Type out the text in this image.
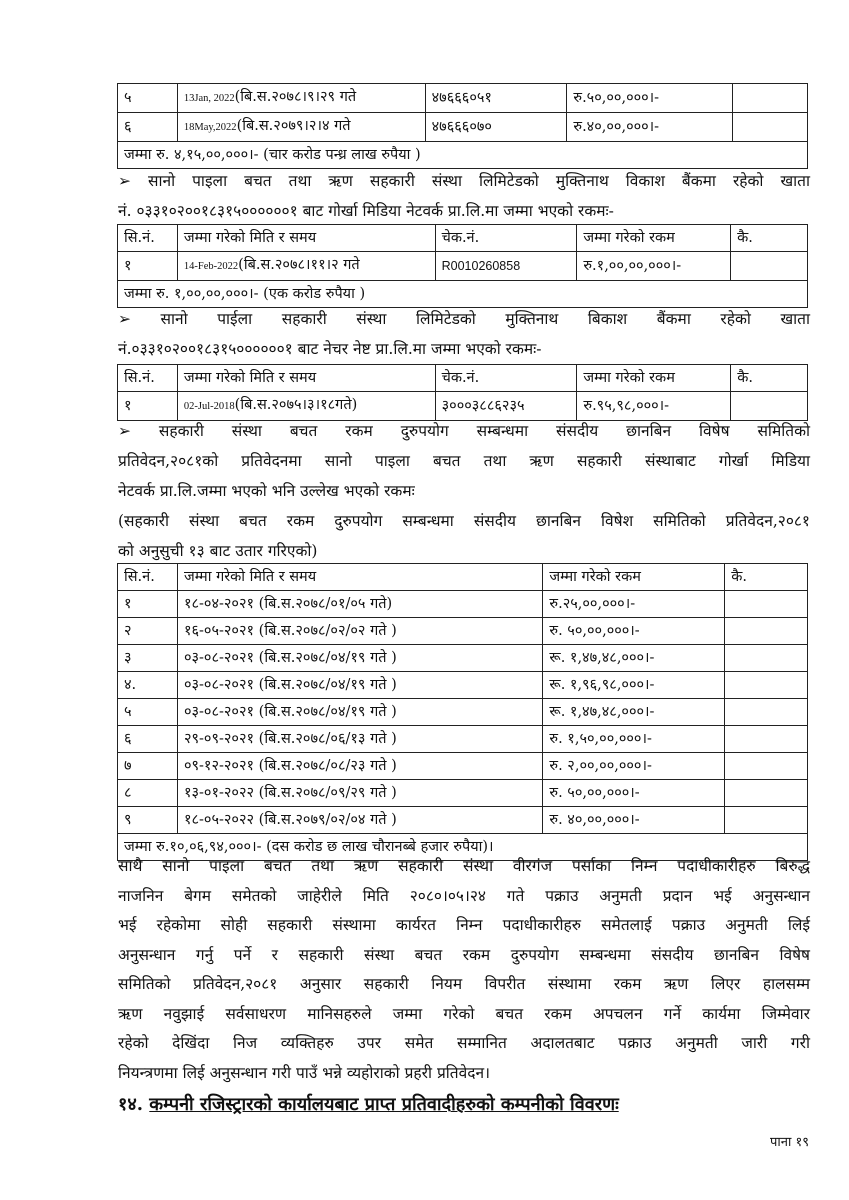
५	13Jan, 2022(बि.स.२०७८।९।२९ गते	४७६६६०५१	रु.५०,००,०००।-	
६	18May,2022(बि.स.२०७९।२।४ गते	४७६६६०७०	रु.४०,००,०००।-	
जम्मा रु. ४,१५,००,०००।- (चार करोड पन्ध्र लाख रुपैया )				
➢ सानो पाइला बचत तथा ऋण सहकारी संस्था लिमिटेडको मुक्तिनाथ विकाश बैंकमा रहेको खाता
नं. ०३३१०२००१८३१५००००००१ बाट गोर्खा मिडिया नेटवर्क प्रा.लि.मा जम्मा भएको रकमः-
सि.नं.	जम्मा गरेको मिति र समय	चेक.नं.	जम्मा गरेको रकम	कै.
१	14-Feb-2022(बि.स.२०७८।११।२ गते	R0010260858	रु.१,००,००,०००।-	
जम्मा रु. १,००,००,०००।- (एक करोड रुपैया )				
➢ सानो पाईला सहकारी संस्था लिमिटेडको मुक्तिनाथ बिकाश बैंकमा रहेको खाता
नं.०३३१०२००१८३१५००००००१ बाट नेचर नेष्ट प्रा.लि.मा जम्मा भएको रकमः-
सि.नं.	जम्मा गरेको मिति र समय	चेक.नं.	जम्मा गरेको रकम	कै.
१	02-Jul-2018(बि.स.२०७५।३।१८गते)	३०००३८८६२३५	रु.९५,९८,०००।-	
➢ सहकारी संस्था बचत रकम दुरुपयोग सम्बन्धमा संसदीय छानबिन विषेष समितिको
प्रतिवेदन,२०८१को प्रतिवेदनमा सानो पाइला बचत तथा ऋण सहकारी संस्थाबाट गोर्खा मिडिया
नेटवर्क प्रा.लि.जम्मा भएको भनि उल्लेख भएको रकमः
(सहकारी संस्था बचत रकम दुरुपयोग सम्बन्धमा संसदीय छानबिन विषेश समितिको प्रतिवेदन,२०८१
को अनुसुची १३ बाट उतार गरिएको)
सि.नं.	जम्मा गरेको मिति र समय	जम्मा गरेको रकम	कै.
१	१८-०४-२०२१ (बि.स.२०७८/०१/०५ गते)	रु.२५,००,०००।-	
२	१६-०५-२०२१ (बि.स.२०७८/०२/०२ गते )	रु. ५०,००,०००।-	
३	०३-०८-२०२१ (बि.स.२०७८/०४/१९ गते )	रू. १,४७,४८,०००।-	
४.	०३-०८-२०२१ (बि.स.२०७८/०४/१९ गते )	रू. १,९६,९८,०००।-	
५	०३-०८-२०२१ (बि.स.२०७८/०४/१९ गते )	रू. १,४७,४८,०००।-	
६	२९-०९-२०२१ (बि.स.२०७८/०६/१३ गते )	रु. १,५०,००,०००।-	
७	०९-१२-२०२१ (बि.स.२०७८/०८/२३ गते )	रु. २,००,००,०००।-	
८	१३-०१-२०२२ (बि.स.२०७८/०९/२९ गते )	रु. ५०,००,०००।-	
९	१८-०५-२०२२ (बि.स.२०७९/०२/०४ गते )	रु. ४०,००,०००।-	
जम्मा रु.१०,०६,९४,०००।- (दस करोड छ लाख चौरानब्बे हजार रुपैया)।			
साथै सानो पाइला बचत तथा ऋण सहकारी संस्था वीरगंज पर्साका निम्न पदाधीकारीहरु बिरुद्ध
नाजनिन बेगम समेतको जाहेरीले मिति २०८०।०५।२४ गते पक्राउ अनुमती प्रदान भई अनुसन्धान
भई रहेकोमा सोही सहकारी संस्थामा कार्यरत निम्न पदाधीकारीहरु समेतलाई पक्राउ अनुमती लिई
अनुसन्धान गर्नु पर्ने र सहकारी संस्था बचत रकम दुरुपयोग सम्बन्धमा संसदीय छानबिन विषेष
समितिको प्रतिवेदन,२०८१ अनुसार सहकारी नियम विपरीत संस्थामा रकम ऋण लिएर हालसम्म
ऋण नवुझाई सर्वसाधरण मानिसहरुले जम्मा गरेको बचत रकम अपचलन गर्ने कार्यमा जिम्मेवार
रहेको देखिंदा निज व्यक्तिहरु उपर समेत सम्मानित अदालतबाट पक्राउ अनुमती जारी गरी
नियन्त्रणमा लिई अनुसन्धान गरी पाउँ भन्ने व्यहोराको प्रहरी प्रतिवेदन।
१४. कम्पनी रजिस्ट्रारको कार्यालयबाट प्राप्त प्रतिवादीहरुको कम्पनीको विवरणः
पाना १९
